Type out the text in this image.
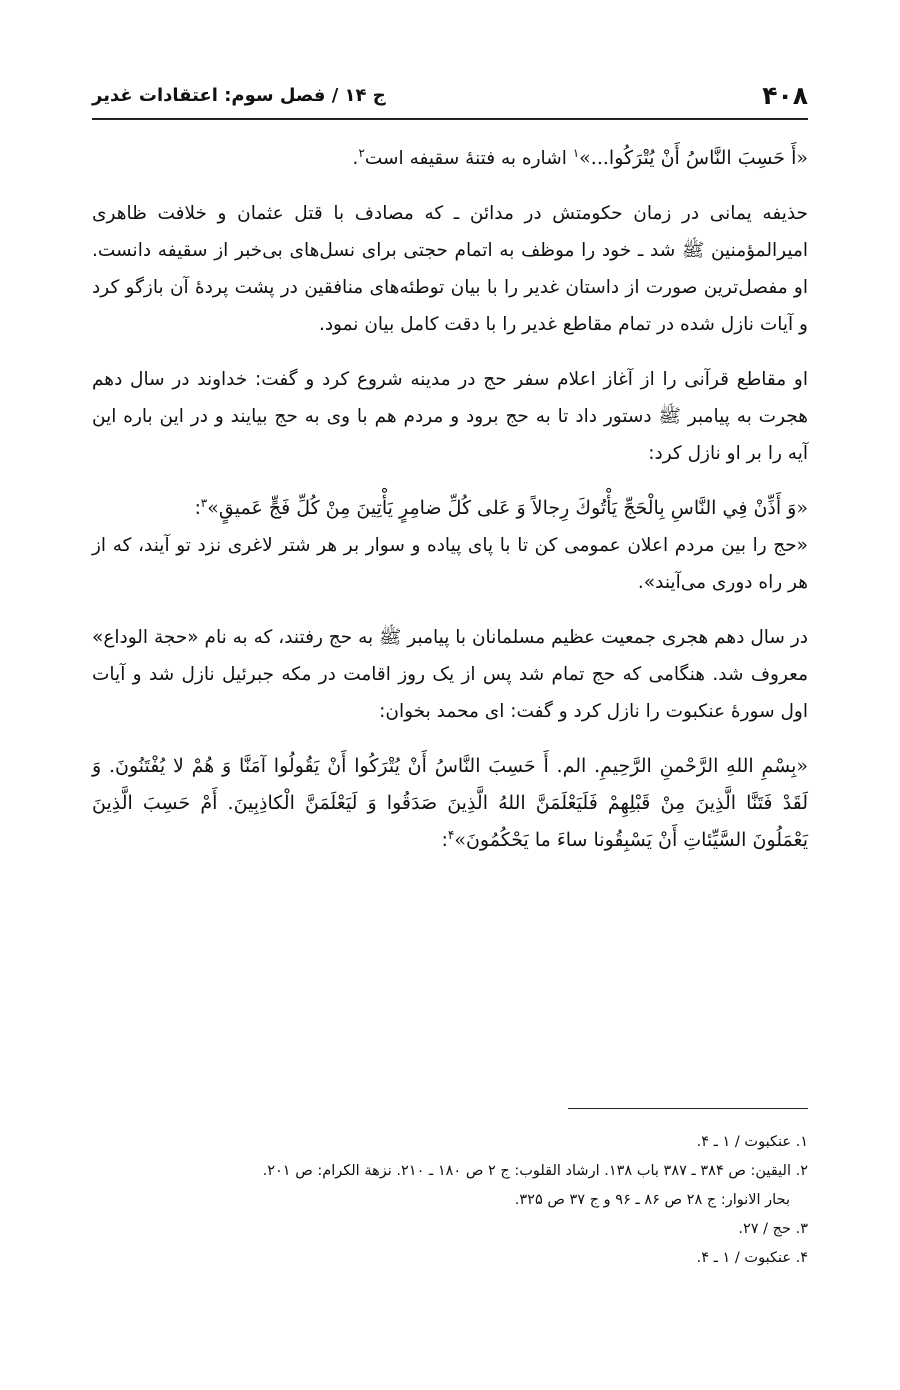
۴۰۸
ج ۱۴ / فصل سوم: اعتقادات غدیر

«أَ حَسِبَ النَّاسُ أَنْ يُتْرَكُوا...»$^۱$ اشاره به فتنهٔ سقیفه است$^۲$.

حذیفه یمانی در زمان حکومتش در مدائن ـ که مصادف با قتل عثمان و خلافت ظاهری امیرالمؤمنین ﷺ شد ـ خود را موظف به اتمام حجتی برای نسل‌های بی‌خبر از سقیفه دانست. او مفصل‌ترین صورت از داستان غدیر را با بیان توطئه‌های منافقین در پشت پردهٔ آن بازگو کرد و آیات نازل شده در تمام مقاطع غدیر را با دقت کامل بیان نمود.

او مقاطع قرآنی را از آغاز اعلام سفر حج در مدینه شروع کرد و گفت: خداوند در سال دهم هجرت به پیامبر ﷺ دستور داد تا به حج برود و مردم هم با وی به حج بیایند و در این باره این آیه را بر او نازل کرد:

«وَ أَذِّنْ فِي النَّاسِ بِالْحَجِّ يَأْتُوكَ رِجالاً وَ عَلى كُلِّ ضامِرٍ يَأْتِينَ مِنْ كُلِّ فَجٍّ عَميقٍ»$^۳$:
«حج را بین مردم اعلان عمومی کن تا با پای پیاده و سوار بر هر شتر لاغری نزد تو آیند، که از هر راه دوری می‌آیند».

در سال دهم هجری جمعیت عظیم مسلمانان با پیامبر ﷺ به حج رفتند، که به نام «حجة الوداع» معروف شد. هنگامی که حج تمام شد پس از یک روز اقامت در مکه جبرئیل نازل شد و آیات اول سورهٔ عنکبوت را نازل کرد و گفت: ای محمد بخوان:

«بِسْمِ اللهِ الرَّحْمنِ الرَّحِيمِ. الم. أَ حَسِبَ النَّاسُ أَنْ يُتْرَكُوا أَنْ يَقُولُوا آمَنَّا وَ هُمْ لا يُفْتَنُونَ. وَ لَقَدْ فَتَنَّا الَّذِينَ مِنْ قَبْلِهِمْ فَلَيَعْلَمَنَّ اللهُ الَّذِينَ صَدَقُوا وَ لَيَعْلَمَنَّ الْكاذِبِينَ. أَمْ حَسِبَ الَّذِينَ يَعْمَلُونَ السَّيِّئاتِ أَنْ يَسْبِقُونا ساءَ ما يَحْكُمُونَ»$^۴$:

۱. عنکبوت / ۱ ـ ۴.
۲. الیقین: ص ۳۸۴ ـ ۳۸۷ باب ۱۳۸. ارشاد القلوب: ج ۲ ص ۱۸۰ ـ ۲۱۰. نزهة الکرام: ص ۲۰۱.
بحار الانوار: ج ۲۸ ص ۸۶ ـ ۹۶ و ج ۳۷ ص ۳۲۵.
۳. حج / ۲۷.
۴. عنکبوت / ۱ ـ ۴.
